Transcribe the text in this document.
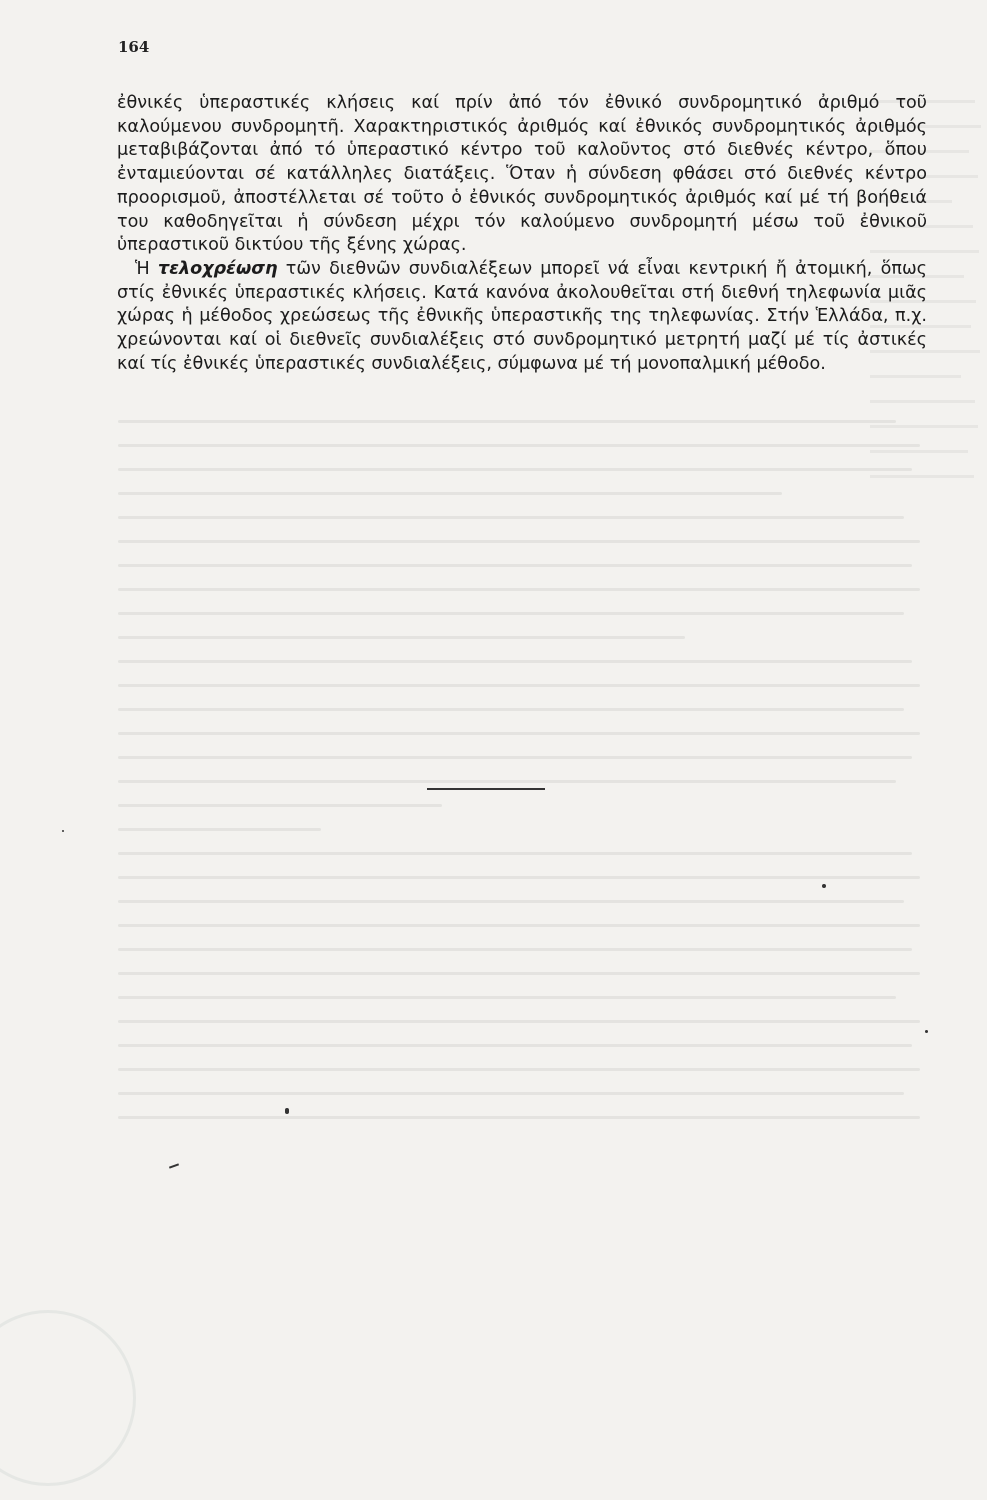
164

ἐθνικές ὑπεραστικές κλήσεις καί πρίν ἀπό τόν ἐθνικό συνδρομητικό ἀριθμό τοῦ καλούμενου συνδρομητῆ. Χαρακτηριστικός ἀριθμός καί ἐθνικός συνδρομητικός ἀριθμός μεταβιβάζονται ἀπό τό ὑπεραστικό κέντρο τοῦ καλοῦντος στό διεθνές κέντρο, ὅπου ἐνταμιεύονται σέ κατάλληλες διατάξεις. Ὅταν ἡ σύνδεση φθάσει στό διεθνές κέντρο προορισμοῦ, ἀποστέλλεται σέ τοῦτο ὁ ἐθνικός συνδρομητικός ἀριθμός καί μέ τή βοήθειά του καθοδηγεῖται ἡ σύνδεση μέχρι τόν καλούμενο συνδρομητή μέσω τοῦ ἐθνικοῦ ὑπεραστικοῦ δικτύου τῆς ξένης χώρας.

Ἡ τελοχρέωση τῶν διεθνῶν συνδιαλέξεων μπορεῖ νά εἶναι κεντρική ἤ ἀτομική, ὅπως στίς ἐθνικές ὑπεραστικές κλήσεις. Κατά κανόνα ἀκολουθεῖται στή διεθνή τηλεφωνία μιᾶς χώρας ἡ μέθοδος χρεώσεως τῆς ἐθνικῆς ὑπεραστικῆς της τηλεφωνίας. Στήν Ἑλλάδα, π.χ. χρεώνονται καί οἱ διεθνεῖς συνδιαλέξεις στό συνδρομητικό μετρητή μαζί μέ τίς ἀστικές καί τίς ἐθνικές ὑπεραστικές συνδιαλέξεις, σύμφωνα μέ τή μονοπαλμική μέθοδο.
